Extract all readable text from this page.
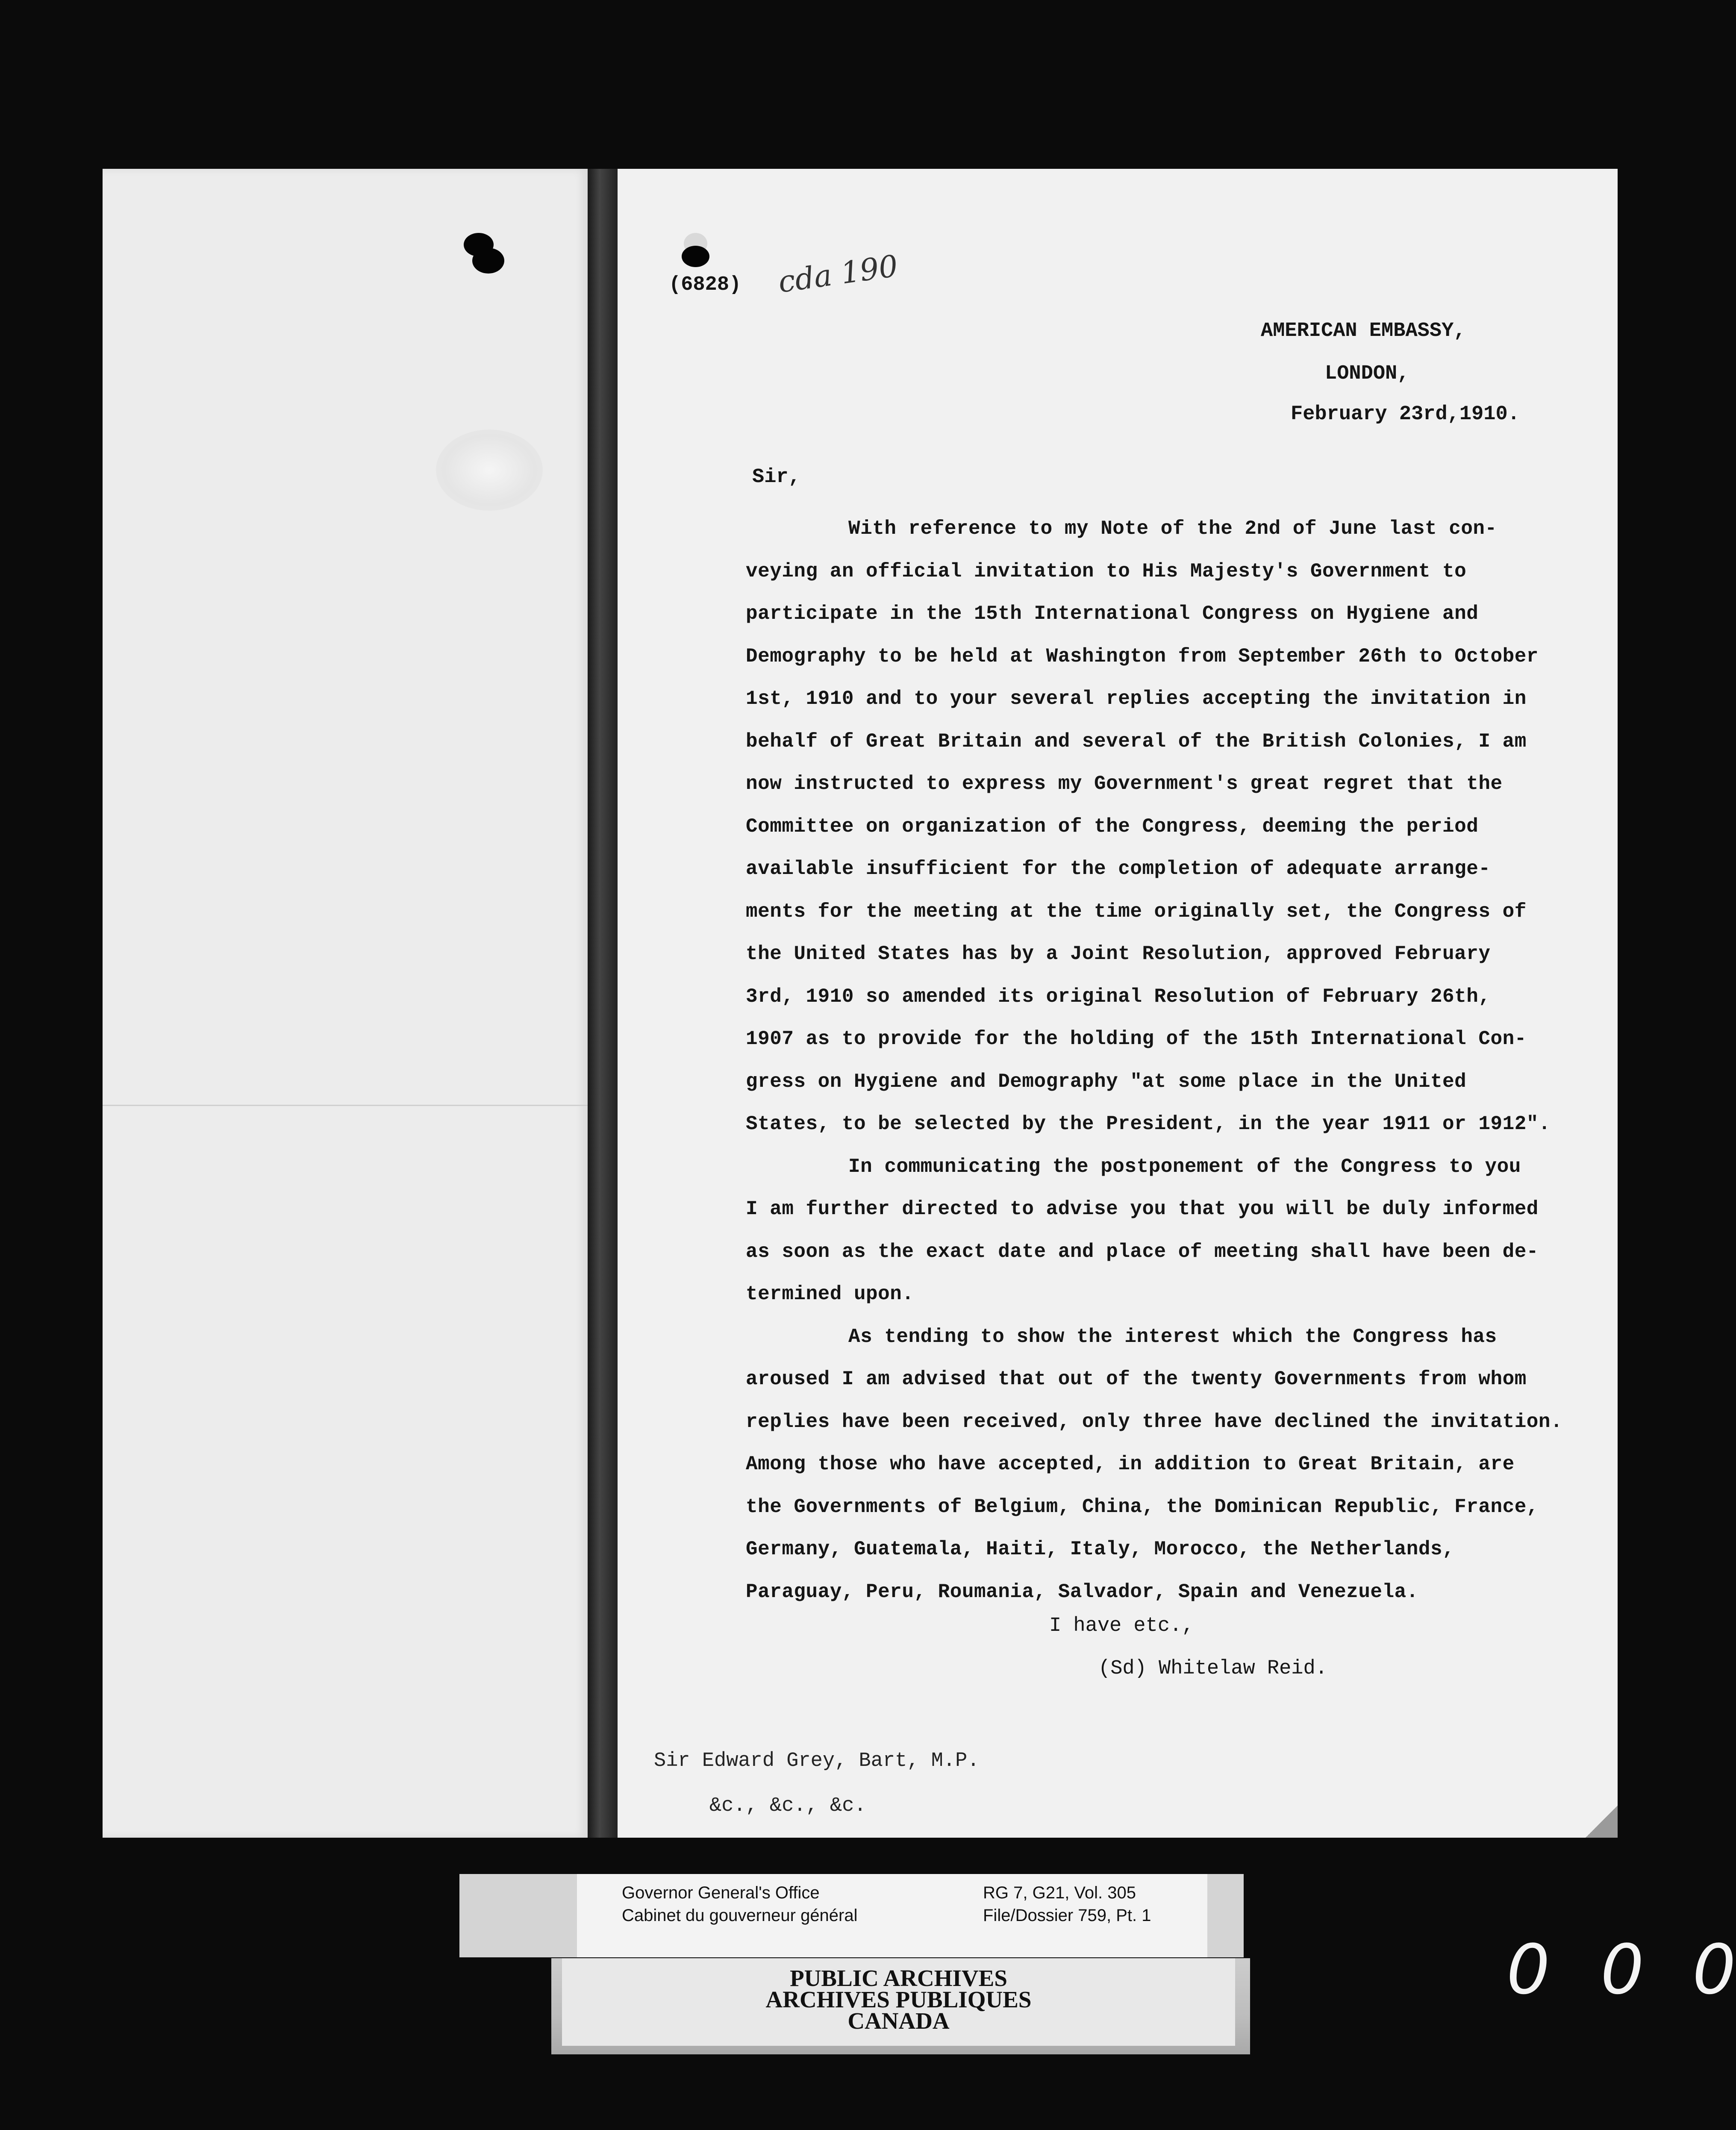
(6828) cda 190
AMERICAN EMBASSY,
LONDON,
February 23rd,1910.
Sir,
With reference to my Note of the 2nd of June last con-
veying an official invitation to His Majesty's Government to
participate in the 15th International Congress on Hygiene and
Demography to be held at Washington from September 26th to October
1st, 1910 and to your several replies accepting the invitation in
behalf of Great Britain and several of the British Colonies, I am
now instructed to express my Government's great regret that the
Committee on organization of the Congress, deeming the period
available insufficient for the completion of adequate arrange-
ments for the meeting at the time originally set, the Congress of
the United States has by a Joint Resolution, approved February
3rd, 1910 so amended its original Resolution of February 26th,
1907 as to provide for the holding of the 15th International Con-
gress on Hygiene and Demography "at some place in the United
States, to be selected by the President, in the year 1911 or 1912".
In communicating the postponement of the Congress to you
I am further directed to advise you that you will be duly informed
as soon as the exact date and place of meeting shall have been de-
termined upon.
As tending to show the interest which the Congress has
aroused I am advised that out of the twenty Governments from whom
replies have been received, only three have declined the invitation.
Among those who have accepted, in addition to Great Britain, are
the Governments of Belgium, China, the Dominican Republic, France,
Germany, Guatemala, Haiti, Italy, Morocco, the Netherlands,
Paraguay, Peru, Roumania, Salvador, Spain and Venezuela.
I have etc.,
(Sd) Whitelaw Reid.
Sir Edward Grey, Bart, M.P.
&c., &c., &c.
Governor General's Office
Cabinet du gouverneur général
RG 7, G21, Vol. 305
File/Dossier 759, Pt. 1
PUBLIC ARCHIVES
ARCHIVES PUBLIQUES
CANADA
0 0 0
